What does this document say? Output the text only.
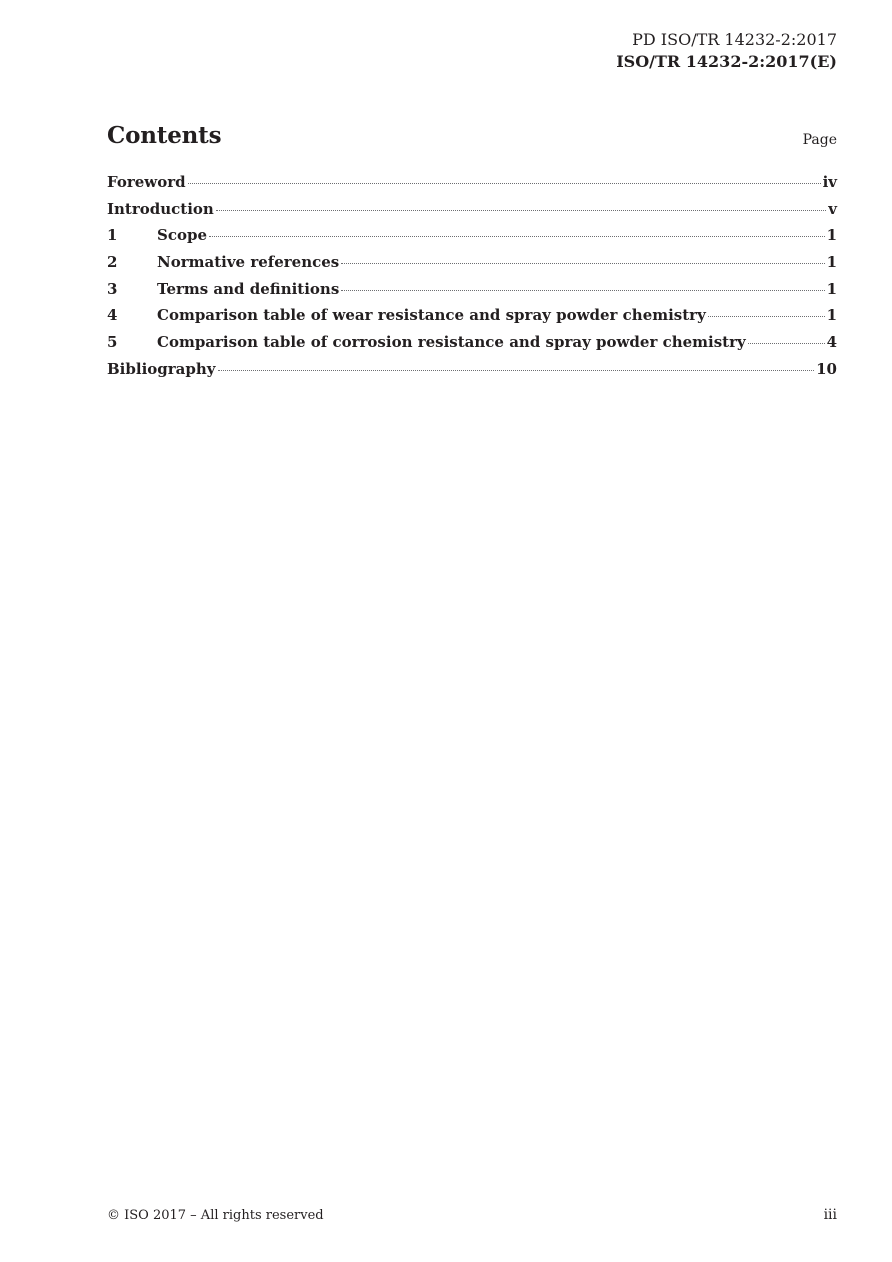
PD ISO/TR 14232-2:2017
ISO/TR 14232-2:2017(E)
Contents	Page
Foreword	iv
Introduction	v
1	Scope	1
2	Normative references	1
3	Terms and definitions	1
4	Comparison table of wear resistance and spray powder chemistry	1
5	Comparison table of corrosion resistance and spray powder chemistry	4
Bibliography	10
© ISO 2017 – All rights reserved	iii
